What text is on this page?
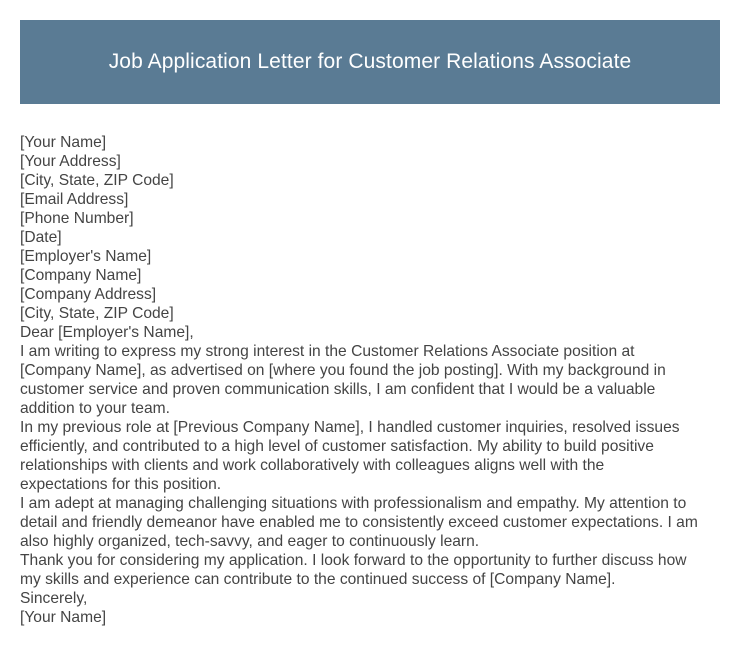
Job Application Letter for Customer Relations Associate
[Your Name]
[Your Address]
[City, State, ZIP Code]
[Email Address]
[Phone Number]
[Date]
[Employer's Name]
[Company Name]
[Company Address]
[City, State, ZIP Code]
Dear [Employer's Name],
I am writing to express my strong interest in the Customer Relations Associate position at
[Company Name], as advertised on [where you found the job posting]. With my background in
customer service and proven communication skills, I am confident that I would be a valuable
addition to your team.
In my previous role at [Previous Company Name], I handled customer inquiries, resolved issues
efficiently, and contributed to a high level of customer satisfaction. My ability to build positive
relationships with clients and work collaboratively with colleagues aligns well with the
expectations for this position.
I am adept at managing challenging situations with professionalism and empathy. My attention to
detail and friendly demeanor have enabled me to consistently exceed customer expectations. I am
also highly organized, tech-savvy, and eager to continuously learn.
Thank you for considering my application. I look forward to the opportunity to further discuss how
my skills and experience can contribute to the continued success of [Company Name].
Sincerely,
[Your Name]
